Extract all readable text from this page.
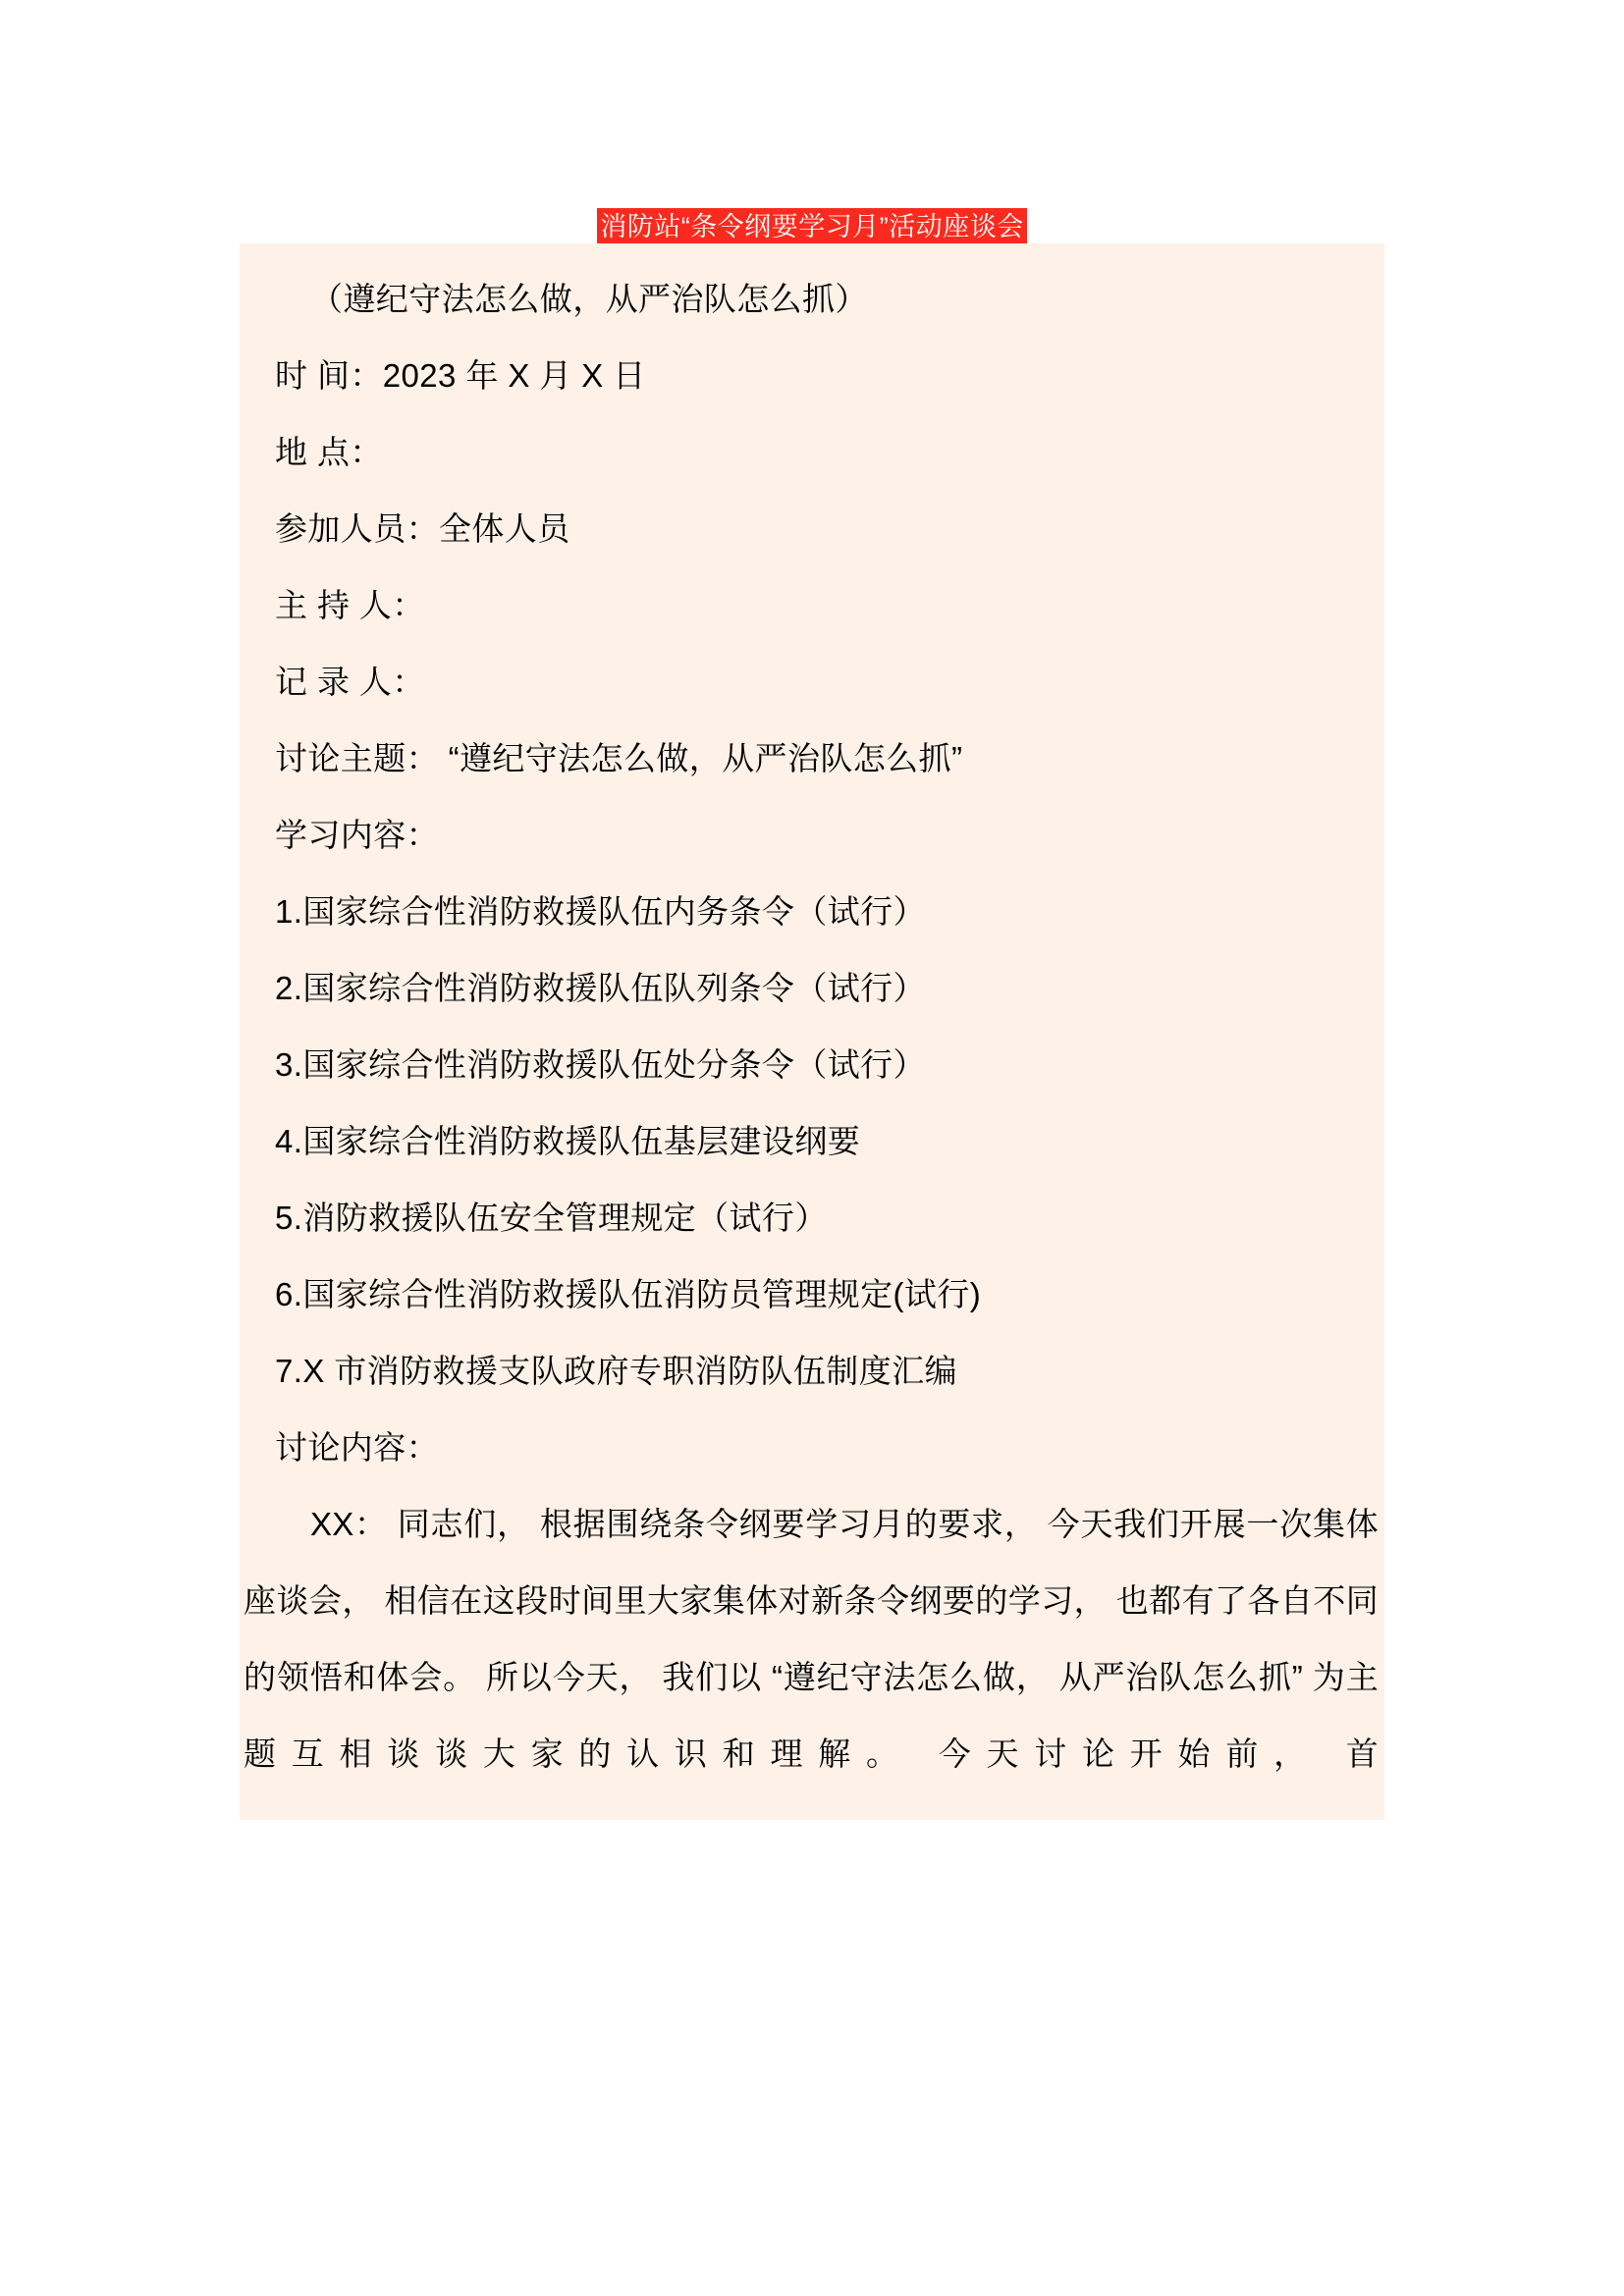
消防站“条令纲要学习月”活动座谈会
（遵纪守法怎么做，从严治队怎么抓）
时 间：2023 年 X 月 X 日
地 点：
参加人员：全体人员
主 持 人：
记 录 人：
讨论主题： “遵纪守法怎么做，从严治队怎么抓”
学习内容：
1.国家综合性消防救援队伍内务条令（试行）
2.国家综合性消防救援队伍队列条令（试行）
3.国家综合性消防救援队伍处分条令（试行）
4.国家综合性消防救援队伍基层建设纲要
5.消防救援队伍安全管理规定（试行）
6.国家综合性消防救援队伍消防员管理规定(试行)
7.X 市消防救援支队政府专职消防队伍制度汇编
讨论内容：
XX： 同志们， 根据围绕条令纲要学习月的要求， 今天我们开展一次集体座谈会， 相信在这段时间里大家集体对新条令纲要的学习， 也都有了各自不同的领悟和体会。 所以今天， 我们以 “遵纪守法怎么做， 从严治队怎么抓” 为主题互相谈谈大家的认识和理解。 今天讨论开始前， 首
